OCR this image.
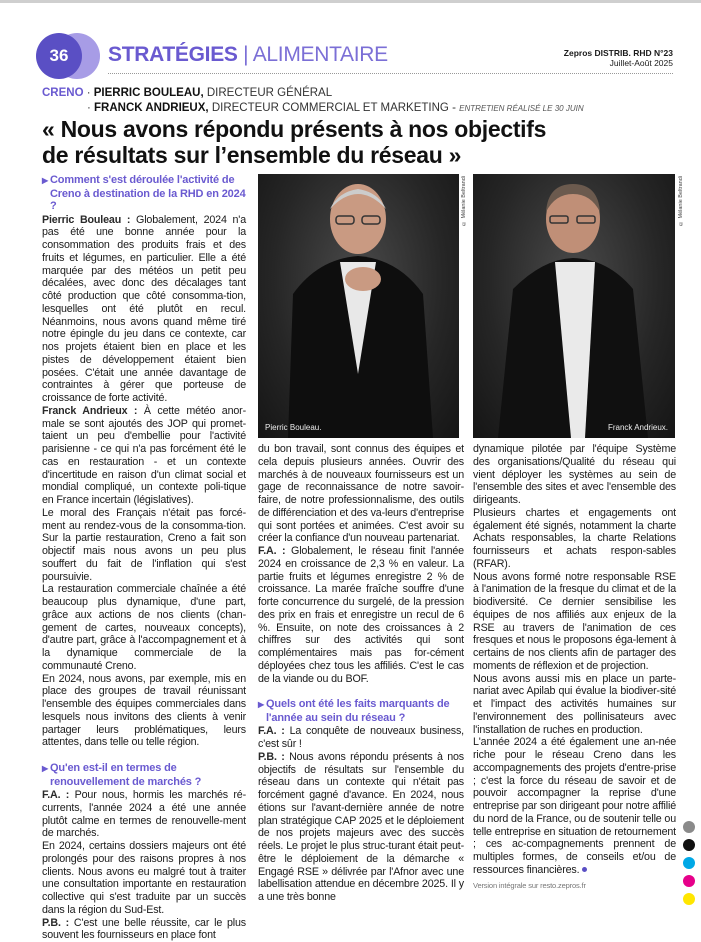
36	STRATÉGIES | ALIMENTAIRE	Zepros DISTRIB. RHD N°23
Juillet-Août 2025
CRENO · PIERRIC BOULEAU, DIRECTEUR GÉNÉRAL
· FRANCK ANDRIEUX, DIRECTEUR COMMERCIAL ET MARKETING - ENTRETIEN RÉALISÉ LE 30 JUIN
« Nous avons répondu présents à nos objectifs
de résultats sur l’ensemble du réseau »
Pierric Bouleau.
© Mélanie Beltrandi
Franck Andrieux.
© Mélanie Beltrandi

▶ Comment s'est déroulée l'activité de Creno à destination de la RHD en 2024 ?

Pierric Bouleau : Globalement, 2024 n'a pas été une bonne année pour la consommation des produits frais et des fruits et légumes, en particulier. Elle a été marquée par des météos un petit peu décalées, avec donc des décalages tant côté production que côté consomma-tion, lesquelles ont été plutôt en recul. Néanmoins, nous avons quand même tiré notre épingle du jeu dans ce contexte, car nos projets étaient bien en place et les pistes de développement étaient bien posées. C'était une année davantage de contraintes à gérer que porteuse de croissance de forte activité.

Franck Andrieux : À cette météo anor-male se sont ajoutés des JOP qui promet-taient un peu d'embellie pour l'activité parisienne - ce qui n'a pas forcément été le cas en restauration - et un contexte d'incertitude en raison d'un climat social et mondial compliqué, un contexte poli-tique en France incertain (législatives).

Le moral des Français n'était pas forcé-ment au rendez-vous de la consomma-tion. Sur la partie restauration, Creno a fait son objectif mais nous avons un peu plus souffert du fait de l'inflation qui s'est poursuivie.

La restauration commerciale chaînée a été beaucoup plus dynamique, d'une part, grâce aux actions de nos clients (chan-gement de cartes, nouveaux concepts), d'autre part, grâce à l'accompagnement et à la dynamique commerciale de la communauté Creno.

En 2024, nous avons, par exemple, mis en place des groupes de travail réunissant l'ensemble des équipes commerciales dans lesquels nous invitons des clients à venir partager leurs problématiques, leurs attentes, dans telle ou telle région.

▶ Qu'en est-il en termes de renouvellement de marchés ?

F.A. : Pour nous, hormis les marchés ré-currents, l'année 2024 a été une année plutôt calme en termes de renouvelle-ment de marchés.

En 2024, certains dossiers majeurs ont été prolongés pour des raisons propres à nos clients. Nous avons eu malgré tout à traiter une consultation importante en restauration collective qui s'est traduite par un succès dans la région du Sud-Est.

P.B. : C'est une belle réussite, car le plus souvent les fournisseurs en place font

du bon travail, sont connus des équipes et cela depuis plusieurs années. Ouvrir des marchés à de nouveaux fournisseurs est un gage de reconnaissance de notre savoir-faire, de notre professionnalisme, des outils de différenciation et des va-leurs d'entreprise qui sont portées et animées. C'est avoir su créer la confiance d'un nouveau partenariat.

F.A. : Globalement, le réseau finit l'année 2024 en croissance de 2,3 % en valeur. La partie fruits et légumes enregistre 2 % de croissance. La marée fraîche souffre d'une forte concurrence du surgelé, de la pression des prix en frais et enregistre un recul de 6 %. Ensuite, on note des croissances à 2 chiffres sur des activités qui sont complémentaires mais pas for-cément déployées chez tous les affiliés. C'est le cas de la viande ou du BOF.

▶ Quels ont été les faits marquants de l'année au sein du réseau ?

F.A. : La conquête de nouveaux business, c'est sûr !

P.B. : Nous avons répondu présents à nos objectifs de résultats sur l'ensemble du réseau dans un contexte qui n'était pas forcément gagné d'avance. En 2024, nous étions sur l'avant-dernière année de notre plan stratégique CAP 2025 et le déploiement de nos projets majeurs avec des succès réels. Le projet le plus struc-turant était peut-être le déploiement de la démarche « Engagé RSE » délivrée par l'Afnor avec une labellisation attendue en décembre 2025. Il y a une très bonne

dynamique pilotée par l'équipe Système des organisations/Qualité du réseau qui vient déployer les systèmes au sein de l'ensemble des sites et avec l'ensemble des dirigeants.

Plusieurs chartes et engagements ont également été signés, notamment la charte Achats responsables, la charte Relations fournisseurs et achats respon-sables (RFAR).

Nous avons formé notre responsable RSE à l'animation de la fresque du climat et de la biodiversité. Ce dernier sensibilise les équipes de nos affiliés aux enjeux de la RSE au travers de l'animation de ces fresques et nous le proposons éga-lement à certains de nos clients afin de partager des moments de réflexion et de projection.

Nous avons aussi mis en place un parte-nariat avec Apilab qui évalue la biodiver-sité et l'impact des activités humaines sur l'environnement des pollinisateurs avec l'installation de ruches en production.

L'année 2024 a été également une an-née riche pour le réseau Creno dans les accompagnements des projets d'entre-prise ; c'est la force du réseau de savoir et de pouvoir accompagner la reprise d'une entreprise par son dirigeant pour notre affilié du nord de la France, ou de soutenir telle ou telle entreprise en situation de retournement ; ces ac-compagnements prennent de multiples formes, de conseils et/ou de ressources financières.

Version intégrale sur resto.zepros.fr
